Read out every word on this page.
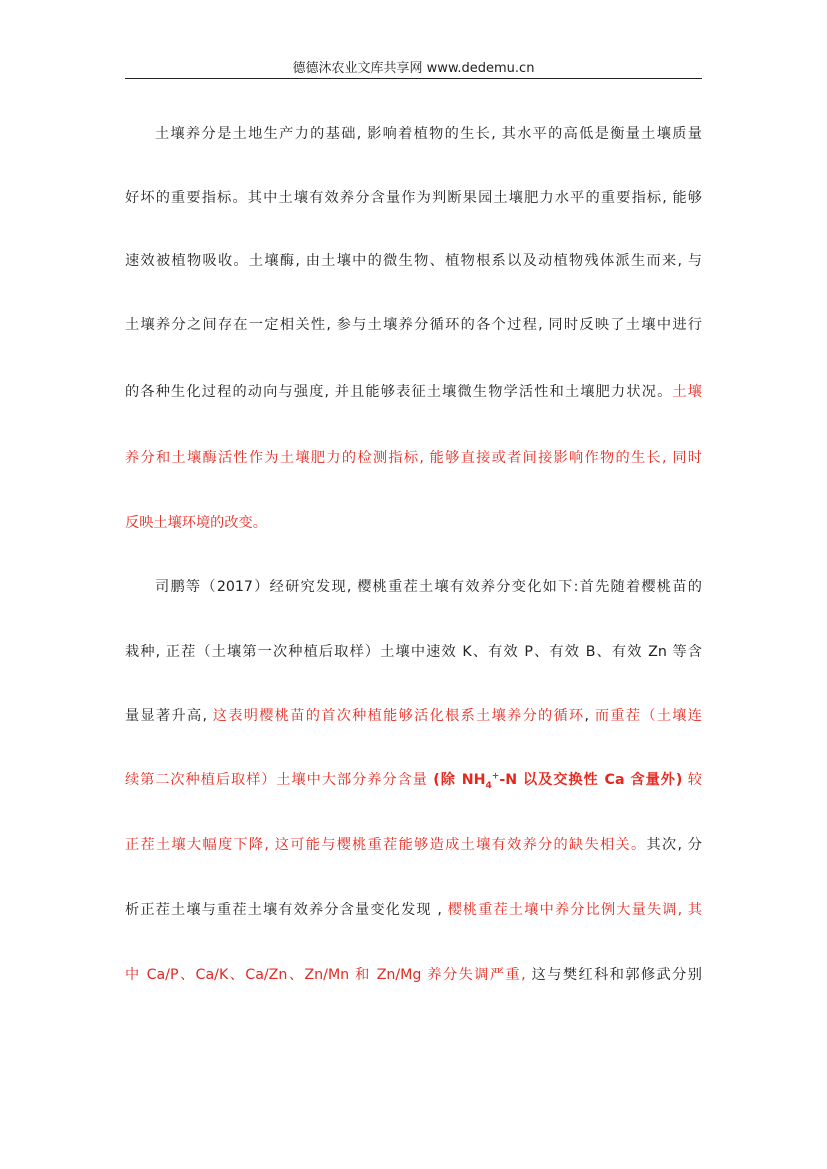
德德沐农业文库共享网 www.dedemu.cn
土壤养分是土地生产力的基础, 影响着植物的生长, 其水平的高低是衡量土壤质量
好坏的重要指标。其中土壤有效养分含量作为判断果园土壤肥力水平的重要指标, 能够
速效被植物吸收。土壤酶, 由土壤中的微生物、植物根系以及动植物残体派生而来, 与
土壤养分之间存在一定相关性, 参与土壤养分循环的各个过程, 同时反映了土壤中进行
的各种生化过程的动向与强度, 并且能够表征土壤微生物学活性和土壤肥力状况。土壤
养分和土壤酶活性作为土壤肥力的检测指标, 能够直接或者间接影响作物的生长, 同时
反映土壤环境的改变。
司鹏等（2017）经研究发现, 樱桃重茬土壤有效养分变化如下:首先随着樱桃苗的
栽种, 正茬（土壤第一次种植后取样）土壤中速效 K、有效 P、有效 B、有效 Zn 等含
量显著升高, 这表明樱桃苗的首次种植能够活化根系土壤养分的循环, 而重茬（土壤连
续第二次种植后取样）土壤中大部分养分含量 (除 $NH_4^+-N$ 以及交换性 Ca 含量外) 较
正茬土壤大幅度下降, 这可能与樱桃重茬能够造成土壤有效养分的缺失相关。其次, 分
析正茬土壤与重茬土壤有效养分含量变化发现 , 樱桃重茬土壤中养分比例大量失调, 其
中 Ca/P、Ca/K、Ca/Zn、Zn/Mn 和 Zn/Mg 养分失调严重, 这与樊红科和郭修武分别
